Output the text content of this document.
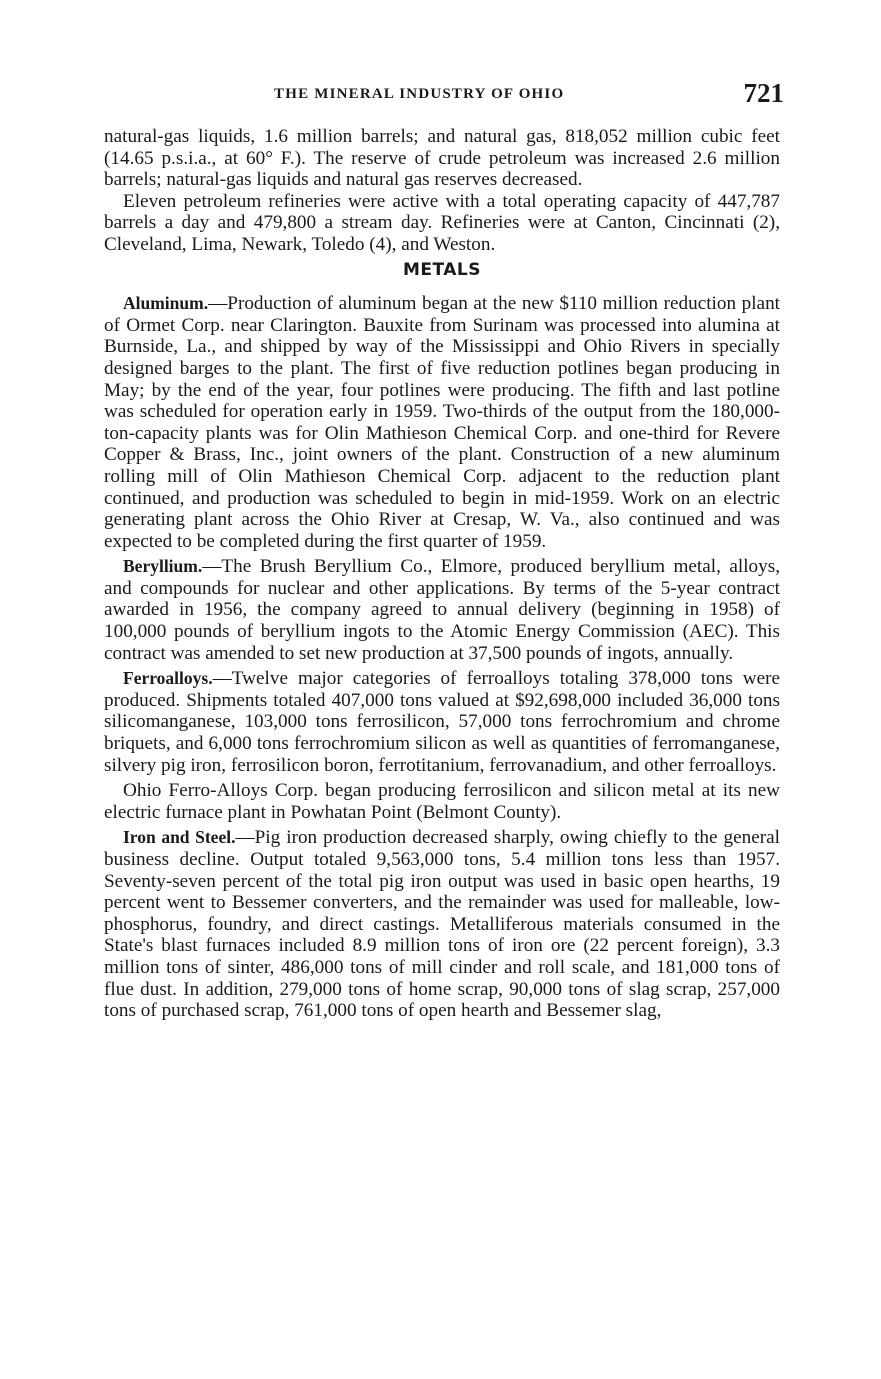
THE MINERAL INDUSTRY OF OHIO	721

natural-gas liquids, 1.6 million barrels; and natural gas, 818,052 million cubic feet (14.65 p.s.i.a., at 60° F.). The reserve of crude petroleum was increased 2.6 million barrels; natural-gas liquids and natural gas reserves decreased.

Eleven petroleum refineries were active with a total operating capacity of 447,787 barrels a day and 479,800 a stream day. Refineries were at Canton, Cincinnati (2), Cleveland, Lima, Newark, Toledo (4), and Weston.

METALS

Aluminum.—Production of aluminum began at the new $110 million reduction plant of Ormet Corp. near Clarington. Bauxite from Surinam was processed into alumina at Burnside, La., and shipped by way of the Mississippi and Ohio Rivers in specially designed barges to the plant. The first of five reduction potlines began producing in May; by the end of the year, four potlines were producing. The fifth and last potline was scheduled for operation early in 1959. Two-thirds of the output from the 180,000-ton-capacity plants was for Olin Mathieson Chemical Corp. and one-third for Revere Copper & Brass, Inc., joint owners of the plant. Construction of a new aluminum rolling mill of Olin Mathieson Chemical Corp. adjacent to the reduction plant continued, and production was scheduled to begin in mid-1959. Work on an electric generating plant across the Ohio River at Cresap, W. Va., also continued and was expected to be completed during the first quarter of 1959.

Beryllium.—The Brush Beryllium Co., Elmore, produced beryllium metal, alloys, and compounds for nuclear and other applications. By terms of the 5-year contract awarded in 1956, the company agreed to annual delivery (beginning in 1958) of 100,000 pounds of beryllium ingots to the Atomic Energy Commission (AEC). This contract was amended to set new production at 37,500 pounds of ingots, annually.

Ferroalloys.—Twelve major categories of ferroalloys totaling 378,000 tons were produced. Shipments totaled 407,000 tons valued at $92,698,000 included 36,000 tons silicomanganese, 103,000 tons ferrosilicon, 57,000 tons ferrochromium and chrome briquets, and 6,000 tons ferrochromium silicon as well as quantities of ferromanganese, silvery pig iron, ferrosilicon boron, ferrotitanium, ferrovanadium, and other ferroalloys.

Ohio Ferro-Alloys Corp. began producing ferrosilicon and silicon metal at its new electric furnace plant in Powhatan Point (Belmont County).

Iron and Steel.—Pig iron production decreased sharply, owing chiefly to the general business decline. Output totaled 9,563,000 tons, 5.4 million tons less than 1957. Seventy-seven percent of the total pig iron output was used in basic open hearths, 19 percent went to Bessemer converters, and the remainder was used for malleable, low-phosphorus, foundry, and direct castings. Metalliferous materials consumed in the State's blast furnaces included 8.9 million tons of iron ore (22 percent foreign), 3.3 million tons of sinter, 486,000 tons of mill cinder and roll scale, and 181,000 tons of flue dust. In addition, 279,000 tons of home scrap, 90,000 tons of slag scrap, 257,000 tons of purchased scrap, 761,000 tons of open hearth and Bessemer slag,
